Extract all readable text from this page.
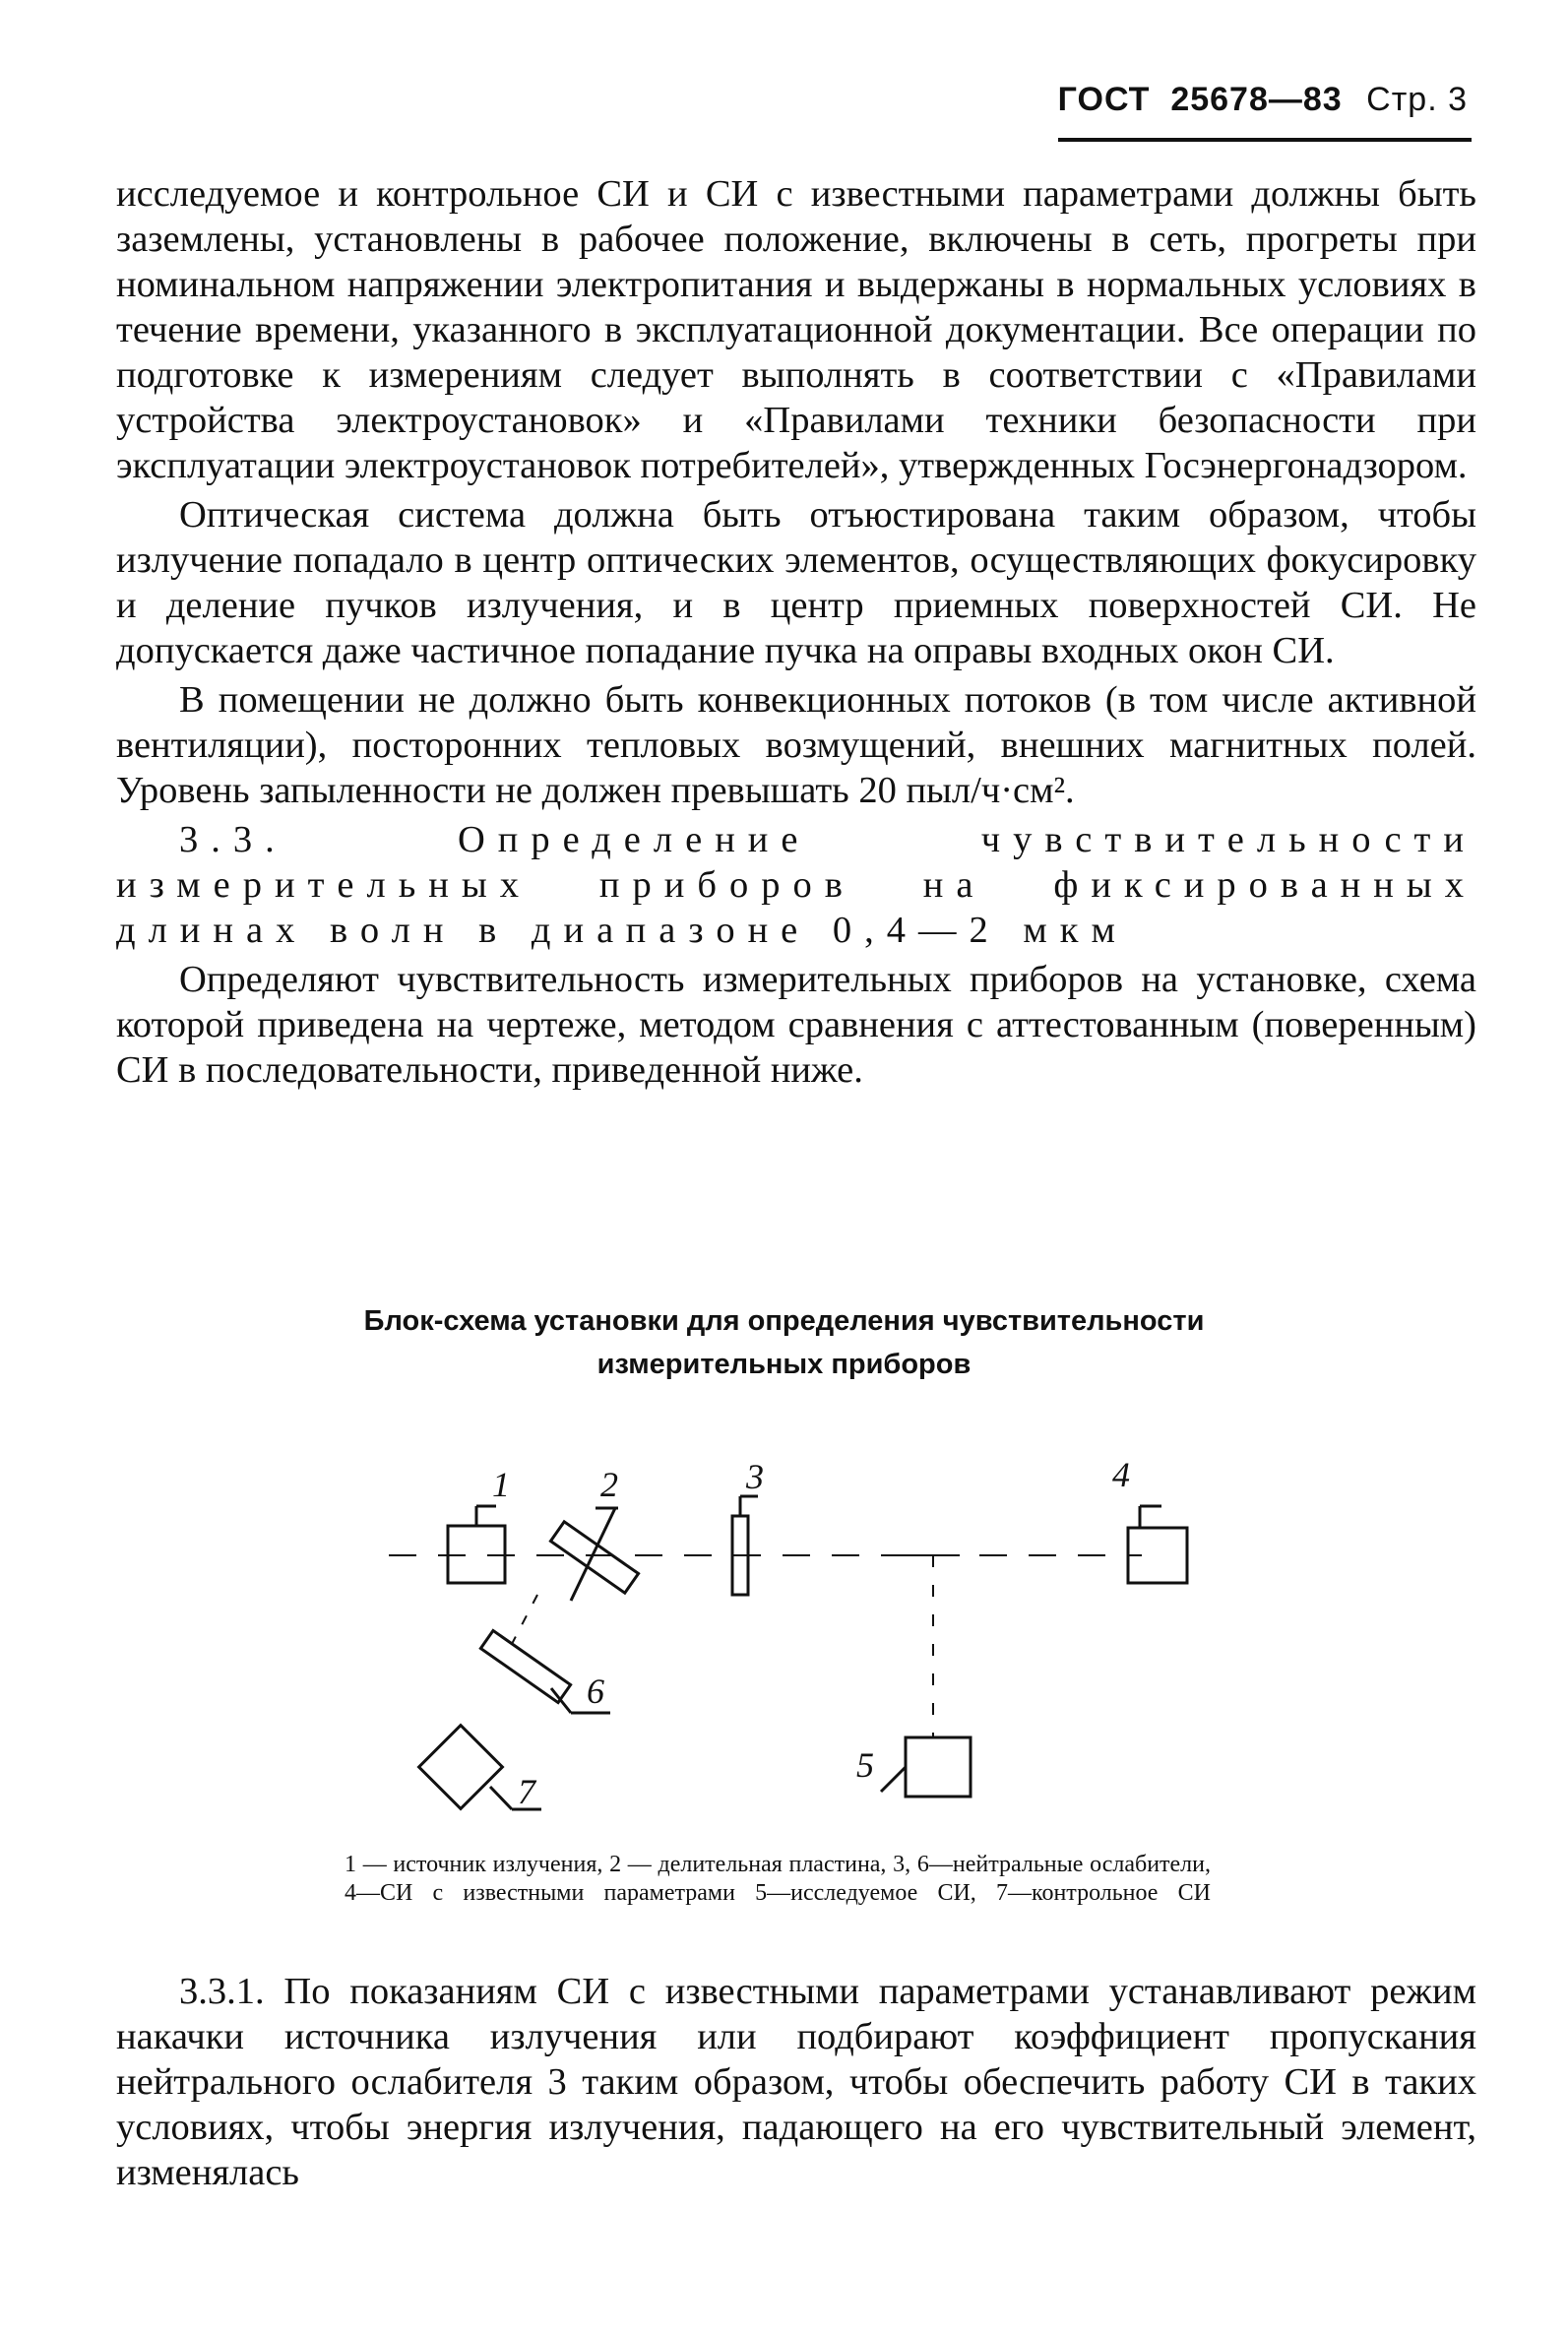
ГОСТ 25678—83 Стр. 3

исследуемое и контрольное СИ и СИ с известными параметрами должны быть заземлены, установлены в рабочее положение, включены в сеть, прогреты при номинальном напряжении электропитания и выдержаны в нормальных условиях в течение времени, указанного в эксплуатационной документации. Все операции по подготовке к измерениям следует выполнять в соответствии с «Правилами устройства электроустановок» и «Правилами техники безопасности при эксплуатации электроустановок потребителей», утвержденных Госэнергонадзором.

Оптическая система должна быть отъюстирована таким образом, чтобы излучение попадало в центр оптических элементов, осуществляющих фокусировку и деление пучков излучения, и в центр приемных поверхностей СИ. Не допускается даже частичное попадание пучка на оправы входных окон СИ.

В помещении не должно быть конвекционных потоков (в том числе активной вентиляции), посторонних тепловых возмущений, внешних магнитных полей. Уровень запыленности не должен превышать 20 пыл/ч·см².

3.3. Определение чувствительности измерительных приборов на фиксированных длинах волн в диапазоне 0,4—2 мкм

Определяют чувствительность измерительных приборов на установке, схема которой приведена на чертеже, методом сравнения с аттестованным (поверенным) СИ в последовательности, приведенной ниже.

Блок-схема установки для определения чувствительности
измерительных приборов
1	2	3	4
5
6
7
1 — источник излучения, 2 — делительная пластина, 3, 6—нейтральные ослабители, 4—СИ с известными параметрами 5—исследуемое СИ, 7—контрольное СИ

3.3.1. По показаниям СИ с известными параметрами устанавливают режим накачки источника излучения или подбирают коэффициент пропускания нейтрального ослабителя 3 таким образом, чтобы обеспечить работу СИ в таких условиях, чтобы энергия излучения, падающего на его чувствительный элемент, изменялась
